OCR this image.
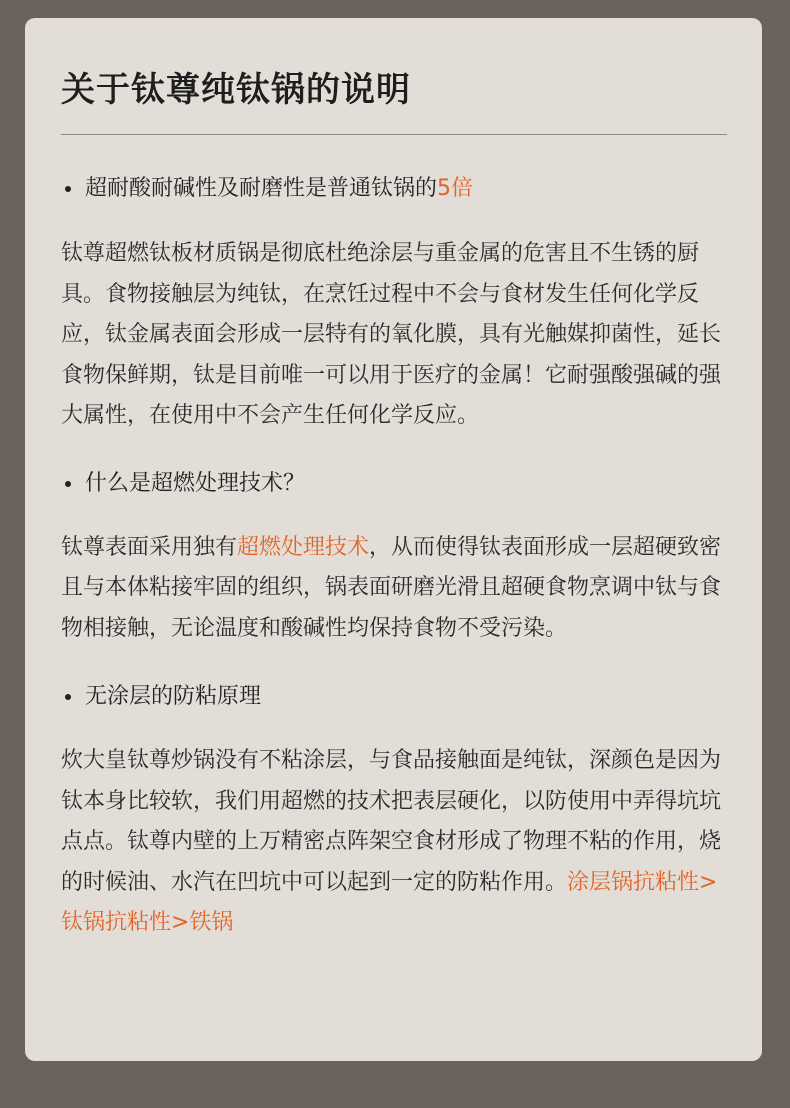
关于钛尊纯钛锅的说明
超耐酸耐碱性及耐磨性是普通钛锅的5倍

钛尊超燃钛板材质锅是彻底杜绝涂层与重金属的危害且不生锈的厨具。食物接触层为纯钛，在烹饪过程中不会与食材发生任何化学反应，钛金属表面会形成一层特有的氧化膜，具有光触媒抑菌性，延长食物保鲜期，钛是目前唯一可以用于医疗的金属！它耐强酸强碱的强大属性，在使用中不会产生任何化学反应。

什么是超燃处理技术？

钛尊表面采用独有超燃处理技术，从而使得钛表面形成一层超硬致密且与本体粘接牢固的组织，锅表面研磨光滑且超硬食物烹调中钛与食物相接触，无论温度和酸碱性均保持食物不受污染。

无涂层的防粘原理

炊大皇钛尊炒锅没有不粘涂层，与食品接触面是纯钛，深颜色是因为钛本身比较软，我们用超燃的技术把表层硬化，以防使用中弄得坑坑点点。钛尊内壁的上万精密点阵架空食材形成了物理不粘的作用，烧的时候油、水汽在凹坑中可以起到一定的防粘作用。涂层锅抗粘性>钛锅抗粘性>铁锅
